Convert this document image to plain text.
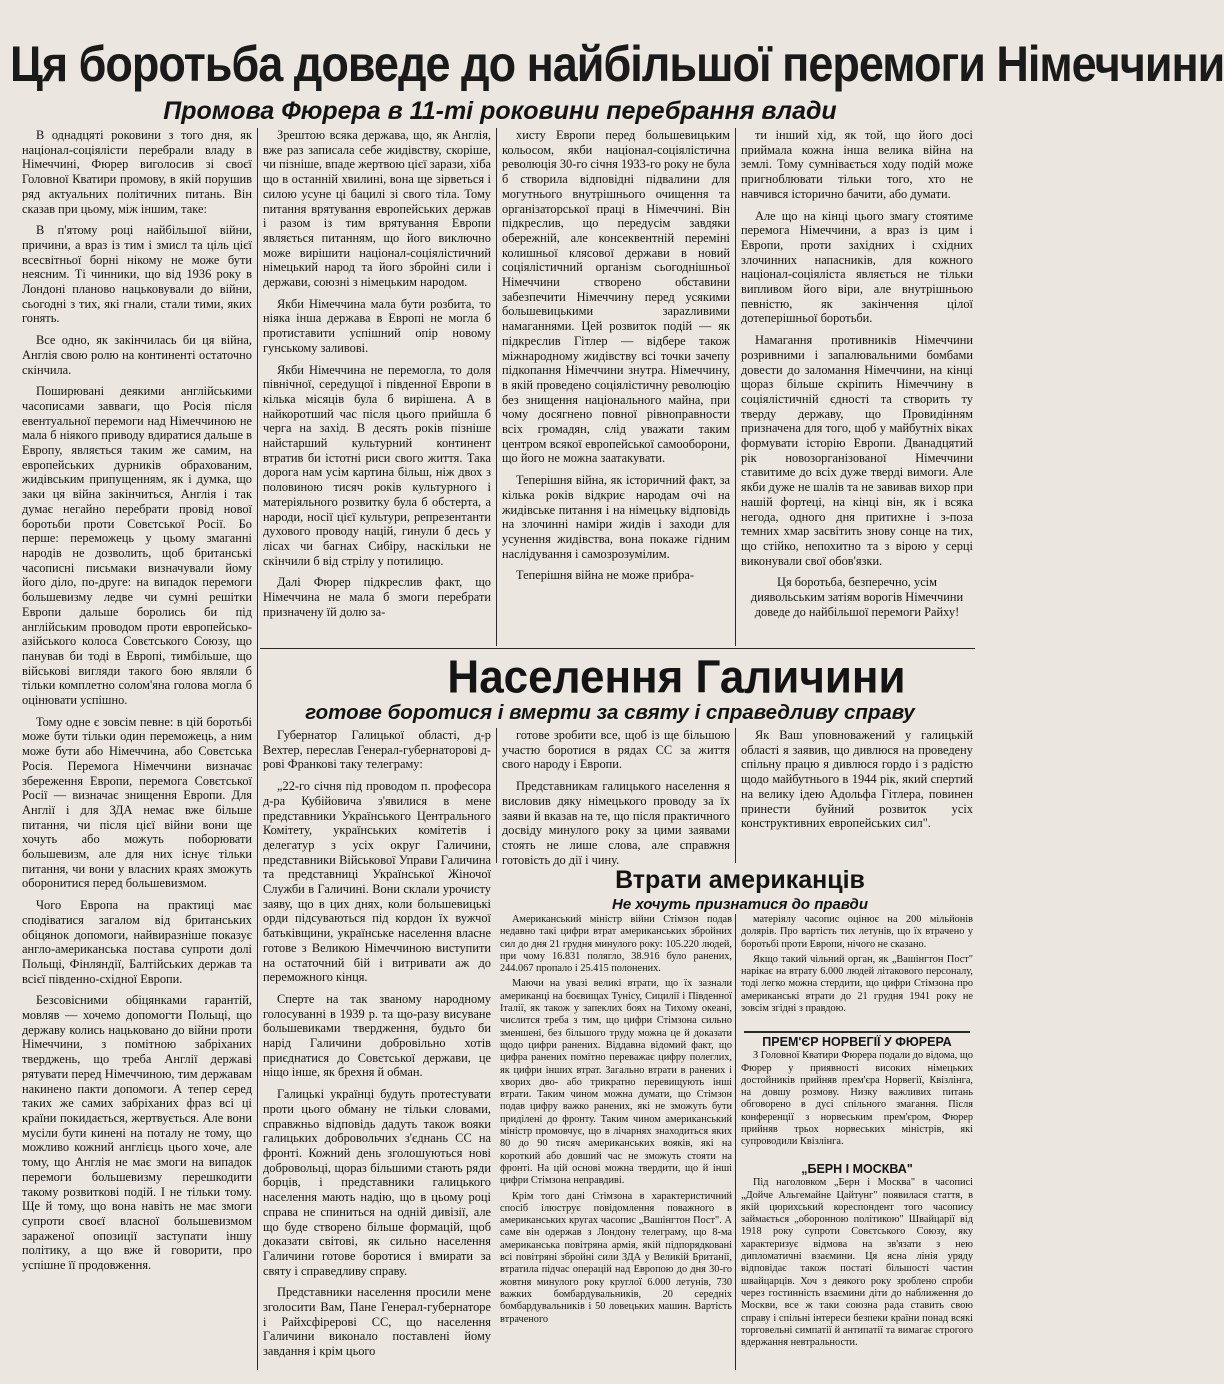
Ця боротьба доведе до найбільшої перемоги Німеччини
Промова Фюрера в 11-ті роковини перебрання влади

В однадцяті роковини з того дня, як націонал-соціялісти перебрали владу в Німеччині, Фюрер виголосив зі своєї Головної Кватири промову, в якій порушив ряд актуальних політичних питань. Він сказав при цьому, між іншим, таке:

В п'ятому році найбільшої війни, причини, а враз із тим і змисл та ціль цієї всесвітньої борні нікому не може бути неясним. Ті чинники, що від 1936 року в Лондоні планово нацьковували до війни, сьогодні з тих, які гнали, стали тими, яких гонять.

Все одно, як закінчилась би ця війна, Англія свою ролю на континенті остаточно скінчила.

Поширювані деякими англійськими часописами завваги, що Росія після евентуальної перемоги над Німеччиною не мала б ніякого приводу вдиратися дальше в Европу, являється таким же самим, на европейських дурників обрахованим, жидівським припущенням, як і думка, що заки ця війна закінчиться, Англія і так думає негайно перебрати провід нової боротьби проти Совєтської Росії. Бо перше: переможець у цьому змаганні народів не дозволить, щоб британські часописні письмаки визначували йому його діло, по-друге: на випадок перемоги большевизму ледве чи сумні решітки Европи дальше боролись би під англійським проводом проти европейсько-азійського колоса Совєтського Союзу, що панував би тоді в Европі, тимбільше, що військові вигляди такого бою являли б тільки комплетно солом'яна голова могла б оцінювати успішно.

Тому одне є зовсім певне: в цій боротьбі може бути тільки один переможець, а ним може бути або Німеччина, або Совєтська Росія. Перемога Німеччини визначає збереження Европи, перемога Совєтської Росії — визначає знищення Европи. Для Англії і для ЗДА немає вже більше питання, чи після цієї війни вони ще хочуть або можуть поборювати большевизм, але для них існує тільки питання, чи вони у власних краях зможуть оборонитися перед большевизмом.

Чого Европа на практиці має сподіватися загалом від британських обіцянок допомоги, найвиразніше показує англо-американська постава супроти долі Польщі, Фінляндії, Балтійських держав та всієї південно-східної Европи.

Безсовісними обіцянками гарантій, мовляв — хочемо допомогти Польщі, що державу колись нацьковано до війни проти Німеччини, з помітною забріханих тверджень, що треба Англії державі рятувати перед Німеччиною, тим державам накинено пакти допомоги. А тепер серед таких же самих забріханих фраз всі ці країни покидається, жертвується. Але вони мусіли бути кинені на поталу не тому, що можливо кожний англієць цього хоче, але тому, що Англія не має змоги на випадок перемоги большевизму перешкодити такому розвиткові подій. І не тільки тому. Ще й тому, що вона навіть не має змоги супроти своєї власної большевизмом зараженої опозиції заступати іншу політику, а що вже й говорити, про успішне її продовження.

Зрештою всяка держава, що, як Англія, вже раз записала себе жидівству, скоріше, чи пізніше, впаде жертвою цієї зарази, хіба що в останній хвилині, вона ще зірветься і силою усуне ці бацилі зі свого тіла. Тому питання врятування европейських держав і разом із тим врятування Европи являється питанням, що його виключно може вирішити націонал-соціялістичний німецький народ та його збройні сили і держави, союзні з німецьким народом.

Якби Німеччина мала бути розбита, то ніяка інша держава в Европі не могла б протиставити успішний опір новому гунському заливові.

Якби Німеччина не перемогла, то доля північної, середущої і південної Европи в кілька місяців була б вирішена. А в найкоротший час після цього прийшла б черга на захід. В десять років пізніше найстарший культурний континент втратив би істотні риси свого життя. Така дорога нам усім картина більш, ніж двох з половиною тисяч років культурного і матеріяльного розвитку була б обстерта, а народи, носії цієї культури, репрезентанти духового проводу націй, гинули б десь у лісах чи багнах Сибіру, наскільки не скінчили б від стрілу у потилицю.

Далі Фюрер підкреслив факт, що Німеччина не мала б змоги перебрати призначену їй долю за-

хисту Европи перед большевицьким кольосом, якби націонал-соціялістична революція 30-го січня 1933-го року не була б створила відповідні підвалини для могутнього внутрішнього очищення та організаторської праці в Німеччині. Він підкреслив, що передусім завдяки обережній, але консеквентній переміні колишньої клясової держави в новий соціялістичний організм сьогоднішньої Німеччини створено обставини забезпечити Німеччину перед усякими большевицькими зарazливими намаганнями. Цей розвиток подій — як підкреслив Гітлер — відбере також міжнародному жидівству всі точки зачепу підкопання Німеччини знутра. Німеччину, в якій проведено соціялістичну революцію без знищення національного майна, при чому досягнено повної рівноправности всіх громадян, слід уважати таким центром всякої европейської самооборони, що його не можна заатакувати.

Теперішня війна, як історичний факт, за кілька років відкриє народам очі на жидівське питання і на німецьку відповідь на злочинні наміри жидів і заходи для усунення жидівства, вона покаже гідним наслідування і самозрозумілим.

Теперішня війна не може прибра-

ти інший хід, як той, що його досі приймала кожна інша велика війна на землі. Тому сумнівається ходу подій може пригноблювати тільки того, хто не навчився історично бачити, або думати.

Але що на кінці цього змагу стоятиме перемога Німеччини, а враз із цим і Европи, проти західних і східних злочинних напасників, для кожного націонал-соціяліста являється не тільки випливом його віри, але внутрішньою певністю, як закінчення цілої дотеперішньої боротьби.

Намагання противників Німеччини розривними і запалювальними бомбами довести до заломання Німеччини, на кінці щораз більше скріпить Німеччину в соціялістичній єдності та створить ту тверду державу, що Провидінням призначена для того, щоб у майбутніх віках формувати історію Европи. Дванадцятий рік новозорганізованої Німеччини ставитиме до всіх дуже тверді вимоги. Але якби дуже не шалів та не завивав вихор при нашій фортеці, на кінці він, як і всяка негода, одного дня притихне і з-поза темних хмар засвітить знову сонце на тих, що стійко, непохитно та з вірою у серці виконували свої обов'язки.

Ця боротьба, безперечно, усім диявольським затіям ворогів Німеччини доведе до найбільшої перемоги Райху!

Населення Галичини
готове боротися і вмерти за святу і справедливу справу

Губернатор Галицької області, д-р Вехтер, переслав Генерал-губернаторові д-рові Франкові таку телеграму:

„22-го січня під проводом п. професора д-ра Кубійовича з'явилися в мене представники Українського Центрального Комітету, українських комітетів і делегатур з усіх округ Галичини, представники Військової Управи Галичина та представниці Української Жіночої Служби в Галичині. Вони склали урочисту заяву, що в цих днях, коли большевицькі орди підсуваються під кордон їх вужчої батьківщини, українське населення власне готове з Великою Німеччиною виступити на остаточний бій і витривати аж до переможного кінця.

Сперте на так званому народному голосуванні в 1939 р. та що-разу висуване большевиками твердження, будьто би нарід Галичини добровільно хотів приєднатися до Совєтської держави, це ніщо інше, як брехня й обман.

Галицькі українці будуть протестувати проти цього обману не тільки словами, справжньо відповідь дадуть також вояки галицьких добровольчих з'єднань СС на фронті. Кожний день зголошуються нові добровольці, щораз більшими стають ряди борців, і представники галицького населення мають надію, що в цьому році справа не спиниться на одній дивізії, але що буде створено більше формацій, щоб доказати світові, як сильно населення Галичини готове боротися і вмирати за святу і справедливу справу.

Представники населення просили мене зголосити Вам, Пане Генерал-губернаторе і Райхсфірерові СС, що населення Галичини виконало поставлені йому завдання і крім цього

готове зробити все, щоб із ще більшою участю боротися в рядах СС за життя свого народу і Европи.

Представникам галицького населення я висловив дяку німецького проводу за їх заяви й вказав на те, що після практичного досвіду минулого року за цими заявами стоять не лише слова, але справжня готовість до дії і чину.

Як Ваш уповноважений у галицькій області я заявив, що дивлюся на проведену спільну працю я дивлюся гордо і з радістю щодо майбутнього в 1944 рік, який спертий на велику ідею Адольфа Гітлера, повинен принести буйний розвиток усіх конструктивних европейських сил".

Втрати американців
Не хочуть признатися до правди

Американський міністр війни Стімзон подав недавно такі цифри втрат американських збройних сил до дня 21 грудня минулого року: 105.220 людей, при чому 16.831 полягло, 38.916 було ранених, 244.067 пропало і 25.415 полонених.

Маючи на увазі великі втрати, що їх зазнали американці на боєвищах Тунісу, Сицилії і Південної Італії, як також у запеклих боях на Тихому океані, числится треба з тим, що цифри Стімзона сильно зменшені, без більшого труду можна це й доказати щодо цифри ранених. Віддавна відомий факт, що цифра ранених помітно переважає цифру полеглих, як цифри інших втрат. Загально втрати в ранених і хворих дво- або трикратно перевищують інші втрати. Таким чином можна думати, що Стімзон подав цифру важко ранених, які не зможуть бути приділені до фронту. Таким чином американський міністр промовчує, що в лічарнях знаходиться яких 80 до 90 тисяч американських вояків, які на короткий або довший час не зможуть стояти на фронті. На цій основі можна твердити, що й інші цифри Стімзона неправдиві.

Крім того дані Стімзона в характеристичний спосіб ілюструє повідомлення поважного в американських кругах часопис „Вашінгтон Пост". А саме він одержав з Лондону телеграму, що 8-ма американська повітряна армія, якій підпорядковані всі повітряні збройні сили ЗДА у Великій Британії, втратила підчас операцій над Европою до дня 30-го жовтня минулого року круглої 6.000 летунів, 730 важких бомбардувальників, 20 середніх бомбардувальників і 50 ловецьких машин. Вартість втраченого

матеріялу часопис оцінює на 200 мільйонів долярів. Про вартість тих летунів, що їх втрачено у боротьбі проти Европи, нічого не сказано.

Якщо такий чільний орган, як „Вашінгтон Пост" нарікає на втрату 6.000 людей літакового персоналу, тоді легко можна стердити, що цифри Стімзона про американські втрати до 21 грудня 1941 року не зовсім згідні з правдою.

ПРЕМ'ЄР НОРВЕГІЇ У ФЮРЕРА

З Головної Кватири Фюрера подали до відома, що Фюрер у приявності високих німецьких достойників прийняв прем'єра Норвегії, Квізлінга, на довшу розмову. Низку важливих питань обговорено в дусі спільного змагання. Після конференції з норвеським прем'єром, Фюрер прийняв трьох норвеських міністрів, які супроводили Квізлінга.

„БЕРН І МОСКВА"

Під наголовком „Берн і Москва" в часописі „Дойче Альгемайне Цайтунг" появилася стаття, в якій цюрихський кореспондент того часопису займається „оборонною політикою" Швайцарії від 1918 року супроти Совєтського Союзу, яку характеризує відмова на зв'язати з нею дипломатичні взаємини. Ця ясна лінія уряду відповідає також постаті більшості частин швайцарців. Хоч з деякого року зроблено спроби через гостинність взаємини діти до наближення до Москви, все ж таки союзна рада ставить свою справу і спільні інтереси безпеки країни понад всякі торговельні симпатії й антипатії та вимагає строгого вдержання невтральности.
